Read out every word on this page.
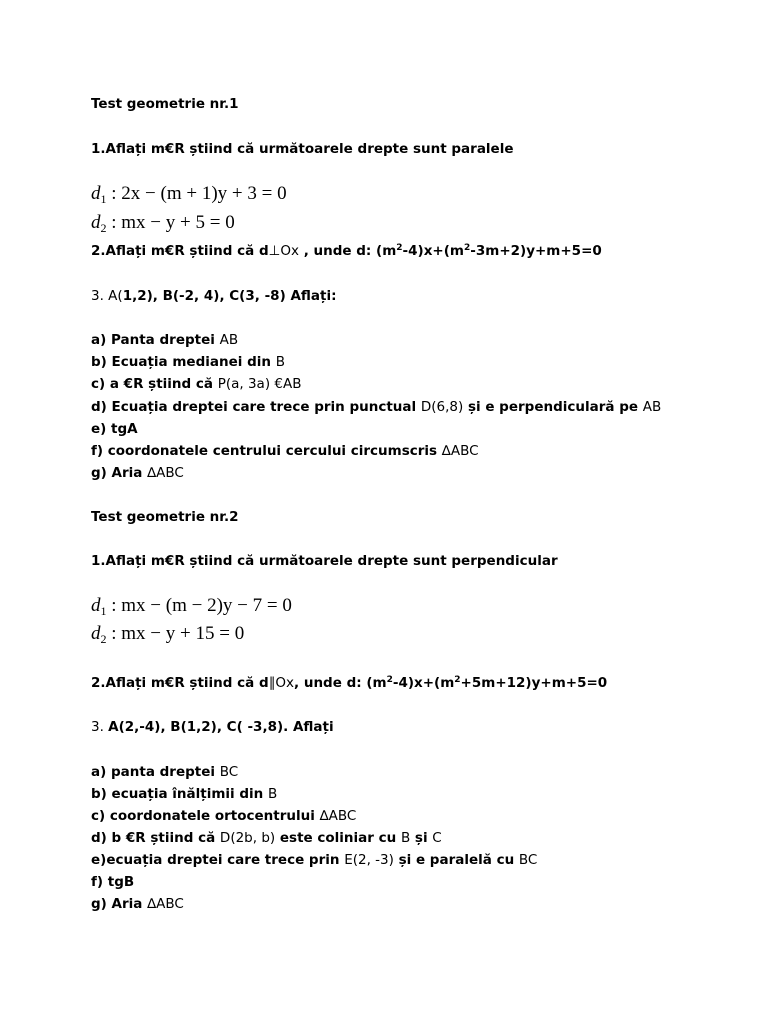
Test geometrie nr.1
1.Aflați m€R știind că următoarele drepte sunt paralele
$d_1$ : 2x − (m + 1)y + 3 = 0
$d_2$ : mx − y + 5 = 0
2.Aflați m€R știind că d⊥Ox , unde d: $(m^2-4)x+(m^2-3m+2)y+m+5=0$
3. A(1,2), B(-2, 4), C(3, -8) Aflați:
a) Panta dreptei AB
b) Ecuația medianei din B
c) a €R știind că P(a, 3a) €AB
d) Ecuația dreptei care trece prin punctual D(6,8) și e perpendiculară pe AB
e) tgA
f) coordonatele centrului cercului circumscris ∆ABC
g) Aria ∆ABC
Test geometrie nr.2
1.Aflați m€R știind că următoarele drepte sunt perpendicular
$d_1$ : mx − (m − 2)y − 7 = 0
$d_2$ : mx − y + 15 = 0
2.Aflați m€R știind că d∥Ox, unde d: $(m^2-4)x+(m^2+5m+12)y+m+5=0$
3. A(2,-4), B(1,2), C( -3,8). Aflați
a) panta dreptei BC
b) ecuația înălțimii din B
c) coordonatele ortocentrului ∆ABC
d) b €R știind că D(2b, b) este coliniar cu B și C
e)ecuația dreptei care trece prin E(2, -3) și e paralelă cu BC
f) tgB
g) Aria ∆ABC
